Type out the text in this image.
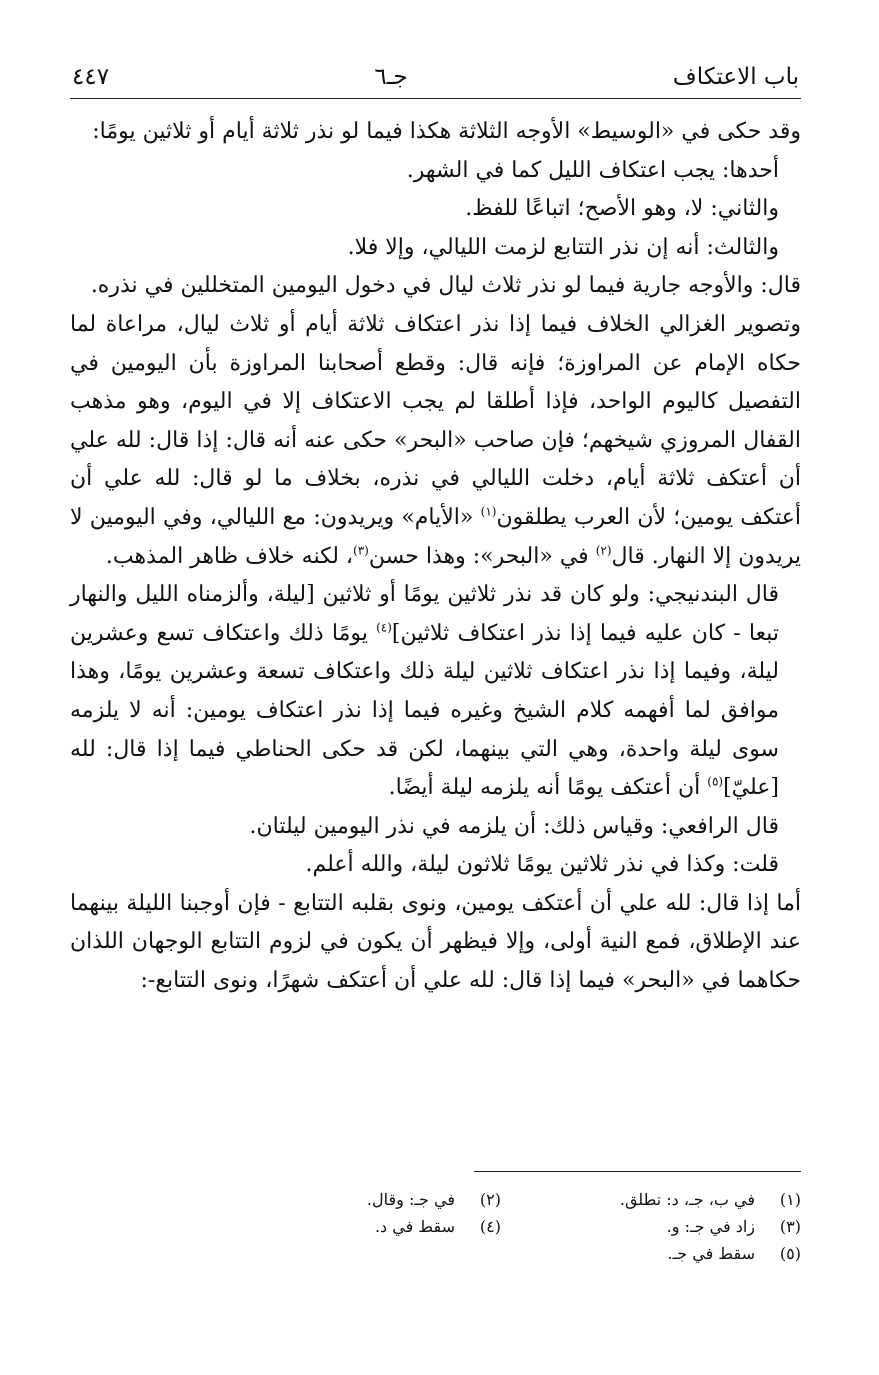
باب الاعتكاف
جـ٦
٤٤٧

وقد حكى في «الوسيط» الأوجه الثلاثة هكذا فيما لو نذر ثلاثة أيام أو ثلاثين يومًا:

أحدها: يجب اعتكاف الليل كما في الشهر.

والثاني: لا، وهو الأصح؛ اتباعًا للفظ.

والثالث: أنه إن نذر التتابع لزمت الليالي، وإلا فلا.

قال: والأوجه جارية فيما لو نذر ثلاث ليال في دخول اليومين المتخللين في نذره.

وتصوير الغزالي الخلاف فيما إذا نذر اعتكاف ثلاثة أيام أو ثلاث ليال، مراعاة لما حكاه الإمام عن المراوزة؛ فإنه قال: وقطع أصحابنا المراوزة بأن اليومين في التفصيل كاليوم الواحد، فإذا أطلقا لم يجب الاعتكاف إلا في اليوم، وهو مذهب القفال المروزي شيخهم؛ فإن صاحب «البحر» حكى عنه أنه قال: إذا قال: لله علي أن أعتكف ثلاثة أيام، دخلت الليالي في نذره، بخلاف ما لو قال: لله علي أن أعتكف يومين؛ لأن العرب يطلقون$^{(١)}$ «الأيام» ويريدون: مع الليالي، وفي اليومين لا يريدون إلا النهار. قال$^{(٢)}$ في «البحر»: وهذا حسن$^{(٣)}$، لكنه خلاف ظاهر المذهب.

قال البندنيجي: ولو كان قد نذر ثلاثين يومًا أو ثلاثين [ليلة، وألزمناه الليل والنهار تبعا - كان عليه فيما إذا نذر اعتكاف ثلاثين]$^{(٤)}$ يومًا ذلك واعتكاف تسع وعشرين ليلة، وفيما إذا نذر اعتكاف ثلاثين ليلة ذلك واعتكاف تسعة وعشرين يومًا، وهذا موافق لما أفهمه كلام الشيخ وغيره فيما إذا نذر اعتكاف يومين: أنه لا يلزمه سوى ليلة واحدة، وهي التي بينهما، لكن قد حكى الحناطي فيما إذا قال: لله [عليّ]$^{(٥)}$ أن أعتكف يومًا أنه يلزمه ليلة أيضًا.

قال الرافعي: وقياس ذلك: أن يلزمه في نذر اليومين ليلتان.

قلت: وكذا في نذر ثلاثين يومًا ثلاثون ليلة، والله أعلم.

أما إذا قال: لله علي أن أعتكف يومين، ونوى بقلبه التتابع - فإن أوجبنا الليلة بينهما عند الإطلاق، فمع النية أولى، وإلا فيظهر أن يكون في لزوم التتابع الوجهان اللذان حكاهما في «البحر» فيما إذا قال: لله علي أن أعتكف شهرًا، ونوى التتابع-:

(١)في ب، جـ، د: تطلق.
(٢)في جـ: وقال.
(٣)زاد في جـ: و.
(٤)سقط في د.
(٥)سقط في جـ.
